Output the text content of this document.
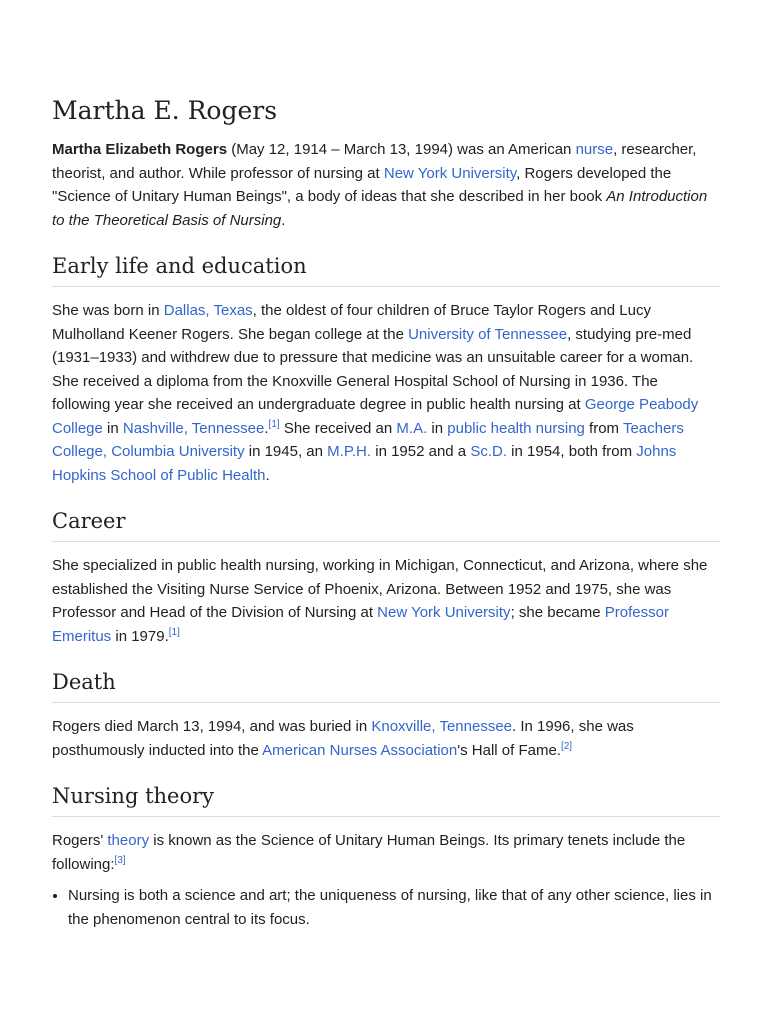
Martha E. Rogers

Martha Elizabeth Rogers (May 12, 1914 – March 13, 1994) was an American nurse, researcher, theorist, and author. While professor of nursing at New York University, Rogers developed the "Science of Unitary Human Beings", a body of ideas that she described in her book An Introduction to the Theoretical Basis of Nursing.

Early life and education

She was born in Dallas, Texas, the oldest of four children of Bruce Taylor Rogers and Lucy Mulholland Keener Rogers. She began college at the University of Tennessee, studying pre-med (1931–1933) and withdrew due to pressure that medicine was an unsuitable career for a woman. She received a diploma from the Knoxville General Hospital School of Nursing in 1936. The following year she received an undergraduate degree in public health nursing at George Peabody College in Nashville, Tennessee.[1] She received an M.A. in public health nursing from Teachers College, Columbia University in 1945, an M.P.H. in 1952 and a Sc.D. in 1954, both from Johns Hopkins School of Public Health.

Career

She specialized in public health nursing, working in Michigan, Connecticut, and Arizona, where she established the Visiting Nurse Service of Phoenix, Arizona. Between 1952 and 1975, she was Professor and Head of the Division of Nursing at New York University; she became Professor Emeritus in 1979.[1]

Death

Rogers died March 13, 1994, and was buried in Knoxville, Tennessee. In 1996, she was posthumously inducted into the American Nurses Association's Hall of Fame.[2]

Nursing theory

Rogers' theory is known as the Science of Unitary Human Beings. Its primary tenets include the following:[3]

• Nursing is both a science and art; the uniqueness of nursing, like that of any other science, lies in the phenomenon central to its focus.
